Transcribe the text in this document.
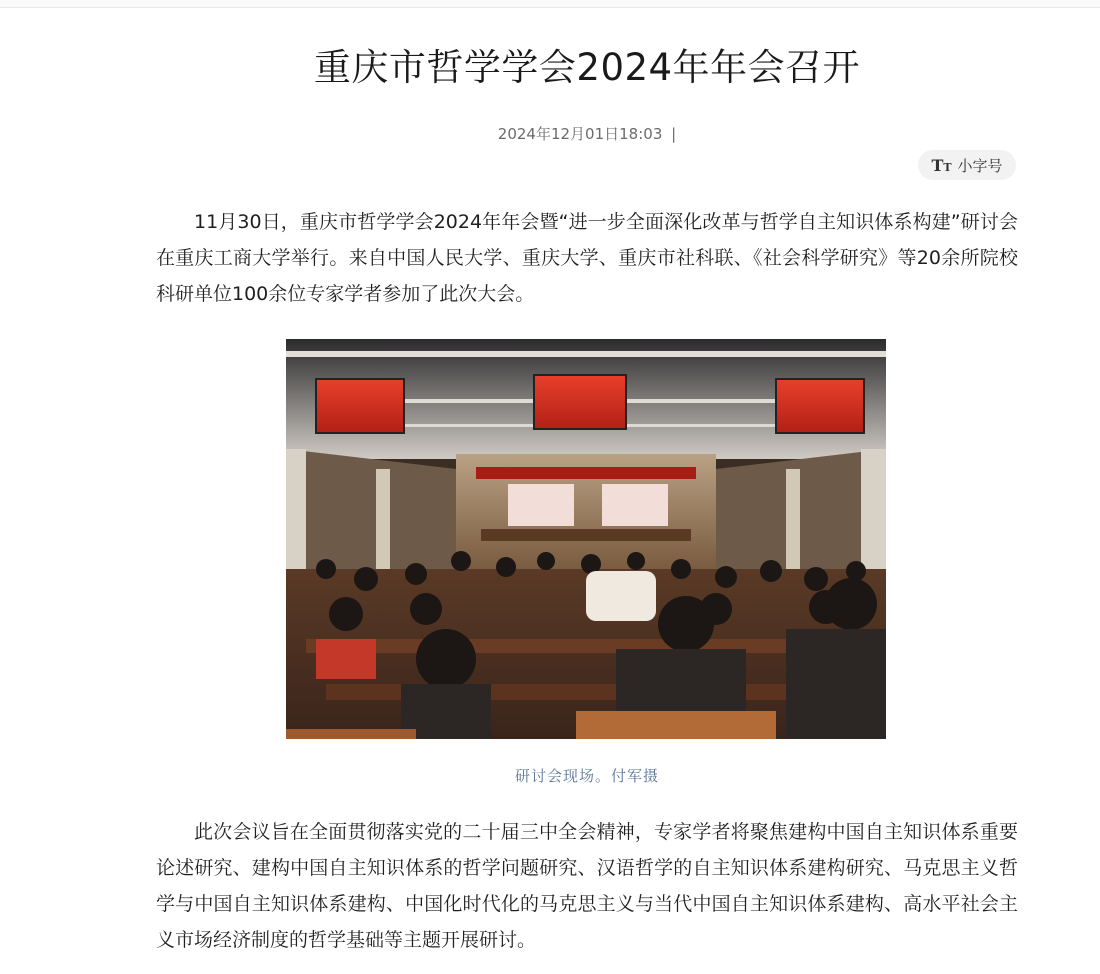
重庆市哲学学会2024年年会召开
2024年12月01日18:03 |
TT 小字号

11月30日，重庆市哲学学会2024年年会暨“进一步全面深化改革与哲学自主知识体系构建”研讨会在重庆工商大学举行。来自中国人民大学、重庆大学、重庆市社科联、《社会科学研究》等20余所院校科研单位100余位专家学者参加了此次大会。

研讨会现场。付军摄

此次会议旨在全面贯彻落实党的二十届三中全会精神，专家学者将聚焦建构中国自主知识体系重要论述研究、建构中国自主知识体系的哲学问题研究、汉语哲学的自主知识体系建构研究、马克思主义哲学与中国自主知识体系建构、中国化时代化的马克思主义与当代中国自主知识体系建构、高水平社会主义市场经济制度的哲学基础等主题开展研讨。
